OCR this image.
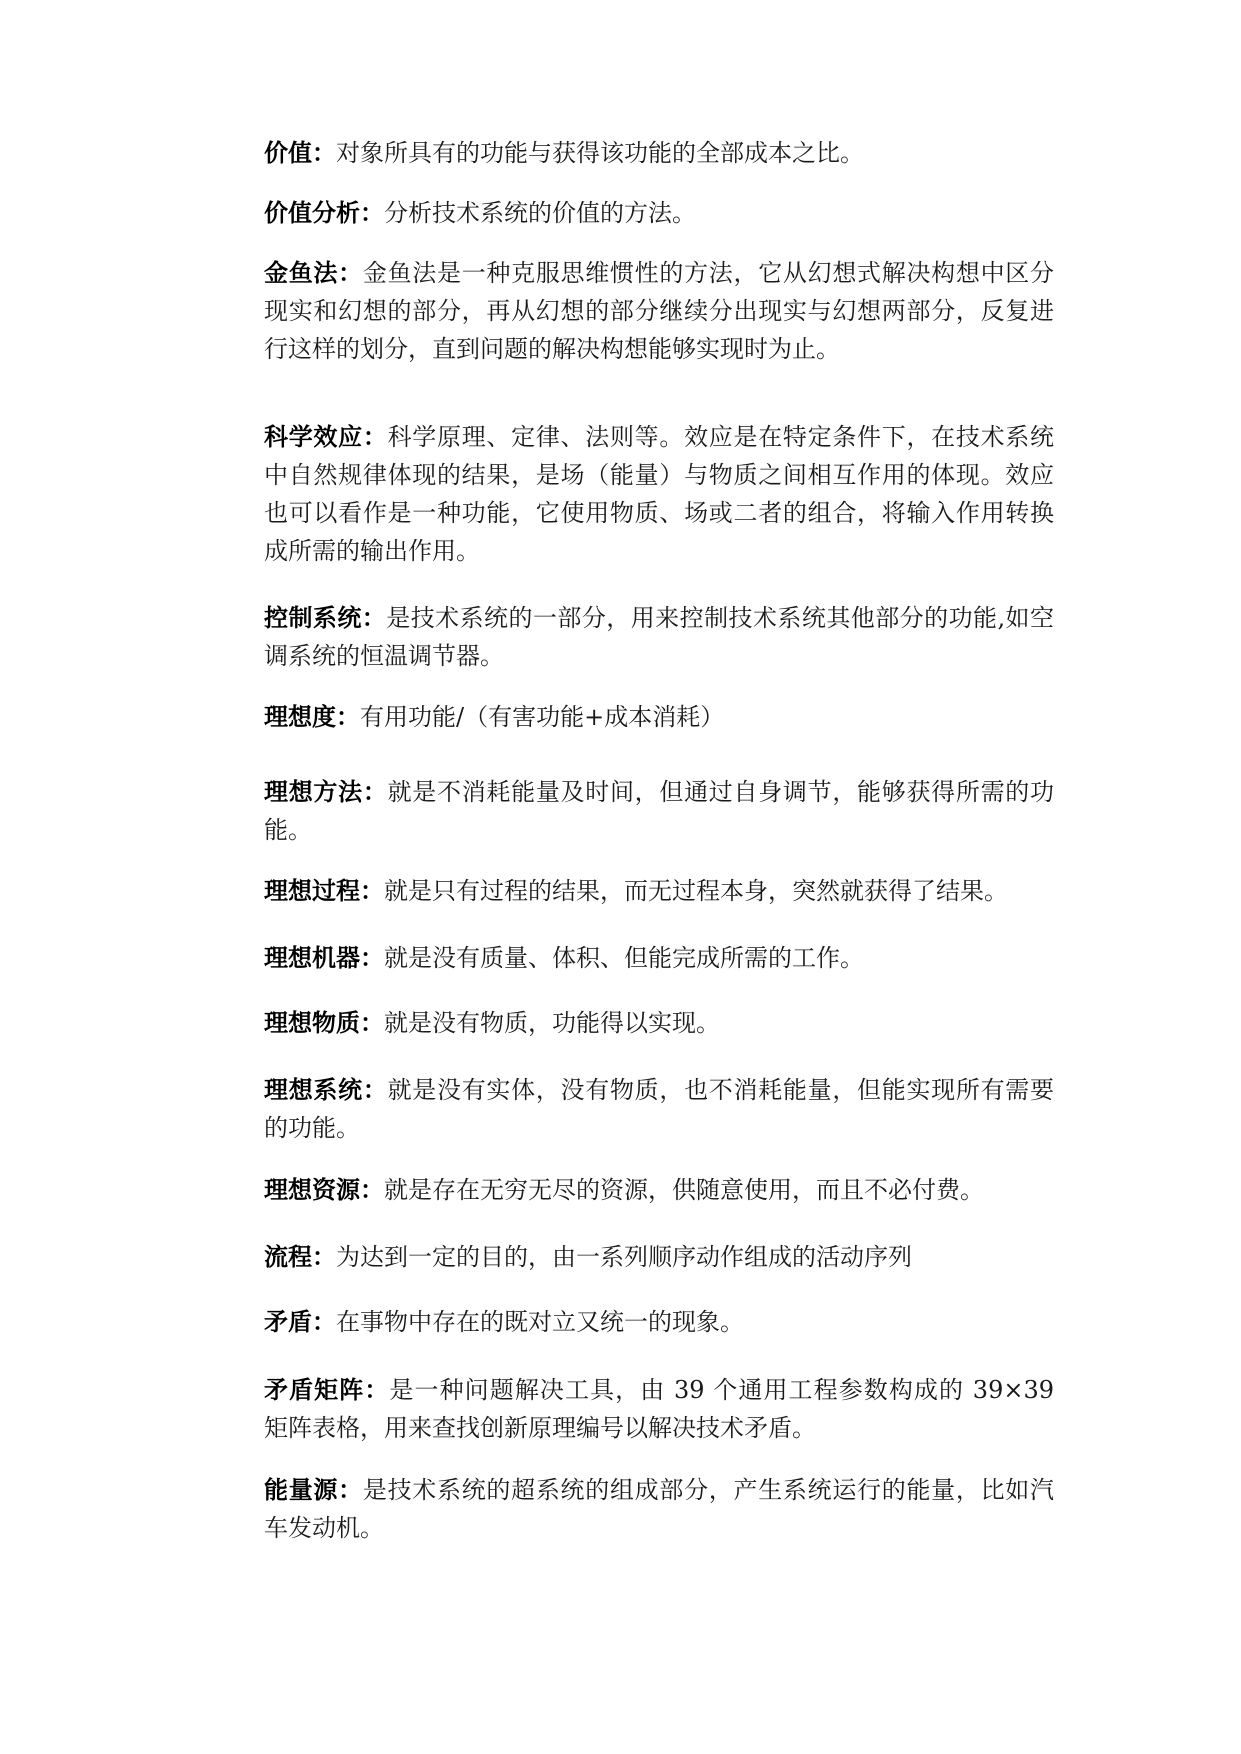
价值：对象所具有的功能与获得该功能的全部成本之比。

价值分析：分析技术系统的价值的方法。

金鱼法：金鱼法是一种克服思维惯性的方法，它从幻想式解决构想中区分现实和幻想的部分，再从幻想的部分继续分出现实与幻想两部分，反复进行这样的划分，直到问题的解决构想能够实现时为止。

科学效应：科学原理、定律、法则等。效应是在特定条件下，在技术系统中自然规律体现的结果，是场（能量）与物质之间相互作用的体现。效应也可以看作是一种功能，它使用物质、场或二者的组合，将输入作用转换成所需的输出作用。

控制系统：是技术系统的一部分，用来控制技术系统其他部分的功能,如空调系统的恒温调节器。

理想度：有用功能/（有害功能+成本消耗）

理想方法：就是不消耗能量及时间，但通过自身调节，能够获得所需的功能。

理想过程：就是只有过程的结果，而无过程本身，突然就获得了结果。

理想机器：就是没有质量、体积、但能完成所需的工作。

理想物质：就是没有物质，功能得以实现。

理想系统：就是没有实体，没有物质，也不消耗能量，但能实现所有需要的功能。

理想资源：就是存在无穷无尽的资源，供随意使用，而且不必付费。

流程：为达到一定的目的，由一系列顺序动作组成的活动序列

矛盾：在事物中存在的既对立又统一的现象。

矛盾矩阵：是一种问题解决工具，由 39 个通用工程参数构成的 39×39 矩阵表格，用来查找创新原理编号以解决技术矛盾。

能量源：是技术系统的超系统的组成部分，产生系统运行的能量，比如汽车发动机。
